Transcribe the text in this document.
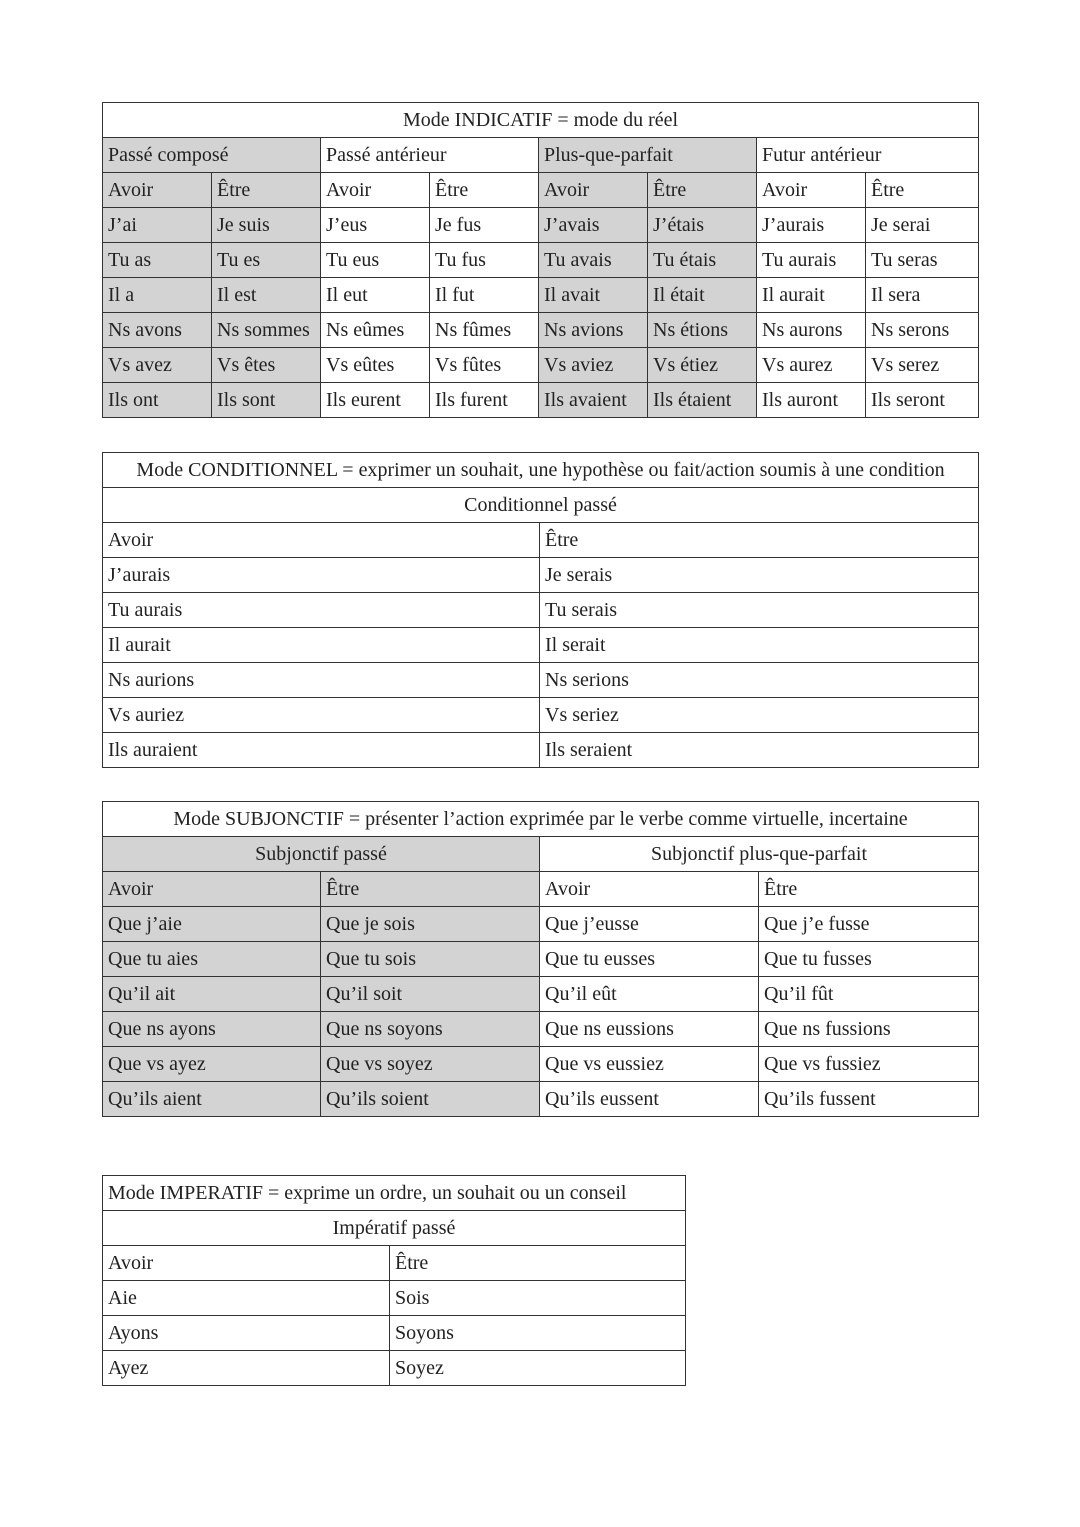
Mode INDICATIF = mode du réel							
Passé composé		Passé antérieur		Plus-que-parfait		Futur antérieur	
Avoir	Être	Avoir	Être	Avoir	Être	Avoir	Être
J’ai	Je suis	J’eus	Je fus	J’avais	J’étais	J’aurais	Je serai
Tu as	Tu es	Tu eus	Tu fus	Tu avais	Tu étais	Tu aurais	Tu seras
Il a	Il est	Il eut	Il fut	Il avait	Il était	Il aurait	Il sera
Ns avons	Ns sommes	Ns eûmes	Ns fûmes	Ns avions	Ns étions	Ns aurons	Ns serons
Vs avez	Vs êtes	Vs eûtes	Vs fûtes	Vs aviez	Vs étiez	Vs aurez	Vs serez
Ils ont	Ils sont	Ils eurent	Ils furent	Ils avaient	Ils étaient	Ils auront	Ils seront
Mode CONDITIONNEL = exprimer un souhait, une hypothèse ou fait/action soumis à une condition	
Conditionnel passé	
Avoir	Être
J’aurais	Je serais
Tu aurais	Tu serais
Il aurait	Il serait
Ns aurions	Ns serions
Vs auriez	Vs seriez
Ils auraient	Ils seraient
Mode SUBJONCTIF = présenter l’action exprimée par le verbe comme virtuelle, incertaine			
Subjonctif passé		Subjonctif plus-que-parfait	
Avoir	Être	Avoir	Être
Que j’aie	Que je sois	Que j’eusse	Que j’e fusse
Que tu aies	Que tu sois	Que tu eusses	Que tu fusses
Qu’il ait	Qu’il soit	Qu’il eût	Qu’il fût
Que ns ayons	Que ns soyons	Que ns eussions	Que ns fussions
Que vs ayez	Que vs soyez	Que vs eussiez	Que vs fussiez
Qu’ils aient	Qu’ils soient	Qu’ils eussent	Qu’ils fussent
Mode IMPERATIF = exprime un ordre, un souhait ou un conseil	
Impératif passé	
Avoir	Être
Aie	Sois
Ayons	Soyons
Ayez	Soyez
